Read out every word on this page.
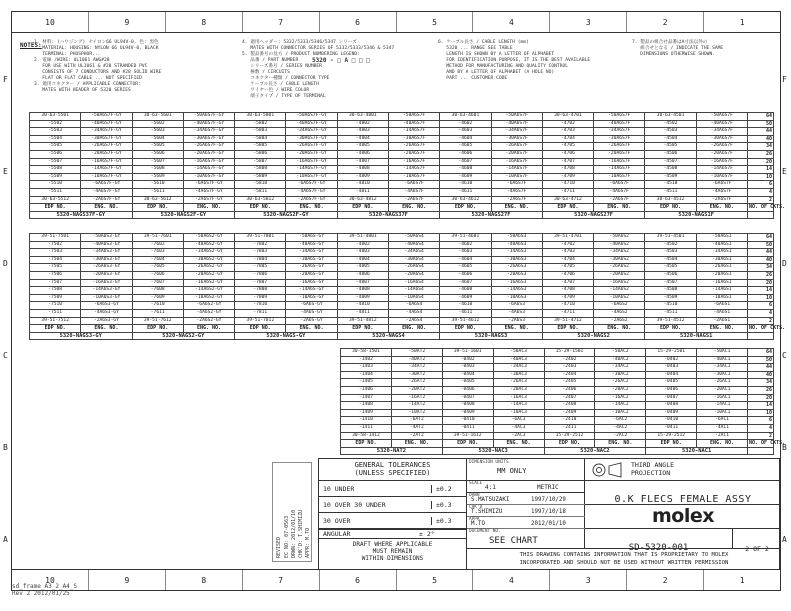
10	9	8	7	6	5	4	3	2	1
10	9	8	7	6	5	4	3	2	1
F	F
E	E
D	D
C	C
B	B
A	A
NOTES:
1. 材料: (ハウジング) ナイロン66 UL94V-0, 色: 黒色
MATERIAL: HOUSING: NYLON 66 UL94V-0, BLACK
TERMINAL: PHOSPHOR...
2. 電線 /WIRE: UL1061 AWG#28
FOR USE WITH UL1061 & #28 STRANDED PVC
CONSISTS OF 7 CONDUCTORS AND #28 SOLID WIRE
FLAT OR FLAT CABLE ... NOT SPECIFIED
3. 適用コネクター / APPLICABLE CONNECTOR:
MATES WITH HEADER OF 5320 SERIES
4. 適用ヘッダー: 5332/5333/5346/5347 シリーズ
MATES WITH CONNECTOR SERIES OF 5332/5333/5346 & 5347
5. 製品番号の見方 / PRODUCT NUMBERING LEGEND:
品番 / PART NUMBER
シリーズ番号 / SERIES NUMBER
極数 / CIRCUITS
コネクター種類 / CONNECTOR TYPE
ケーブル長さ / CABLE LENGTH
ワイヤー色 / WIRE COLOR
端子タイプ / TYPE OF TERMINAL
5320 - □ A □ □ □
6. ケーブル長さ / CABLE LENGTH (mm)
5320 ... RANGE SEE TABLE
LENGTH IS SHOWN BY A LETTER OF ALPHABET
FOR IDENTIFICATION PURPOSE, IT IS THE BEST AVAILABLE
METHOD FOR MANUFACTURING AND QUALITY CONTROL
AND BY A LETTER OF ALPHABET (A HOLE NO)
PART ... CUSTOMER CODE
7. 製品の組合せ品番はA寸法以外の
組合せとなる / INDICATE THE SAME
DIMENSIONS OTHERWISE SHOWN.
30-63-5501	-50A6S7F-GY	30-63-5601	-50A6S7F-GY	30-63-5801	-50A6S7F-GY	30-63-4801	-50A6S7F	30-63-4601	-50A6S7F	30-63-4701	-50A6S7F	30-63-4501	-50A6S7F	64
-5502	-40A6S7F-GY	-5602	-40A6S7F-GY	-5802	-40A6S7F-GY	-4802	-40A6S7F	-4602	-40A6S7F	-4702	-40A6S7F	-4502	-40A6S7F	50
-5503	-34A6S7F-GY	-5603	-34A6S7F-GY	-5803	-34A6S7F-GY	-4803	-34A6S7F	-4603	-34A6S7F	-4703	-34A6S7F	-4503	-34A6S7F	44
-5504	-30A6S7F-GY	-5604	-30A6S7F-GY	-5804	-30A6S7F-GY	-4804	-30A6S7F	-4604	-30A6S7F	-4704	-30A6S7F	-4504	-30A6S7F	40
-5505	-26A6S7F-GY	-5605	-26A6S7F-GY	-5805	-26A6S7F-GY	-4805	-26A6S7F	-4605	-26A6S7F	-4705	-26A6S7F	-4505	-26A6S7F	34
-5506	-20A6S7F-GY	-5606	-20A6S7F-GY	-5806	-20A6S7F-GY	-4806	-20A6S7F	-4606	-20A6S7F	-4706	-20A6S7F	-4506	-20A6S7F	26
-5507	-16A6S7F-GY	-5607	-16A6S7F-GY	-5807	-16A6S7F-GY	-4807	-16A6S7F	-4607	-16A6S7F	-4707	-16A6S7F	-4507	-16A6S7F	20
-5508	-14A6S7F-GY	-5608	-14A6S7F-GY	-5808	-14A6S7F-GY	-4808	-14A6S7F	-4608	-14A6S7F	-4708	-14A6S7F	-4508	-14A6S7F	14
-5509	-10A6S7F-GY	-5609	-10A6S7F-GY	-5809	-10A6S7F-GY	-4809	-10A6S7F	-4609	-10A6S7F	-4709	-10A6S7F	-4509	-10A6S7F	10
-5510	-6A6S7F-GY	-5610	-6A6S7F-GY	-5810	-6A6S7F-GY	-4810	-6A6S7F	-4610	-6A6S7F	-4710	-6A6S7F	-4510	-6A6S7F	6
-5511	-4A6S7F-GY	-5611	-4A6S7F-GY	-5811	-4A6S7F-GY	-4811	-4A6S7F	-4611	-4A6S7F	-4711	-4A6S7F	-4511	-4A6S7F	4
30-63-5512	-2A6S7F-GY	30-63-5612	-2A6S7F-GY	30-63-5812	-2A6S7F-GY	30-63-4812	-2A6S7F	30-63-4612	-2A6S7F	30-63-4712	-2A6S7F	30-63-4512	-2A6S7F	2
EDP NO.	ENG. NO.	EDP NO.	ENG. NO.	EDP NO.	ENG. NO.	EDP NO.	ENG. NO.	EDP NO.	ENG. NO.	EDP NO.	ENG. NO.	EDP NO.	ENG. NO.	NO. OF CKTS.
5320-NAGS37F-GY		5320-NAGS2F-GY		5320-NAGS2F-GY		5320-NAGS37F		5320-NAGS27F		5320-NAGS27F		5320-NAGS1F		
39-51-7501	-50A6S3-GY	39-51-7601	-50A6S2-GY	39-51-7801	-50A6S-GY	39-51-4801	-50A6S4	39-51-4601	-50A6S3	39-51-4701	-50A6S2	39-51-4501	-50A6S1	64
-7502	-40A6S3-GY	-7602	-40A6S2-GY	-7802	-40A6S-GY	-4802	-40A6S4	-4602	-40A6S3	-4702	-40A6S2	-4502	-40A6S1	50
-7503	-34A6S3-GY	-7603	-34A6S2-GY	-7803	-34A6S-GY	-4803	-34A6S4	-4603	-34A6S3	-4703	-34A6S2	-4503	-34A6S1	44
-7504	-30A6S3-GY	-7604	-30A6S2-GY	-7804	-30A6S-GY	-4804	-30A6S4	-4604	-30A6S3	-4704	-30A6S2	-4504	-30A6S1	40
-7505	-26A6S3-GY	-7605	-26A6S2-GY	-7805	-26A6S-GY	-4805	-26A6S4	-4605	-26A6S3	-4705	-26A6S2	-4505	-26A6S1	34
-7506	-20A6S3-GY	-7606	-20A6S2-GY	-7806	-20A6S-GY	-4806	-20A6S4	-4606	-20A6S3	-4706	-20A6S2	-4506	-20A6S1	26
-7507	-16A6S3-GY	-7607	-16A6S2-GY	-7807	-16A6S-GY	-4807	-16A6S4	-4607	-16A6S3	-4707	-16A6S2	-4507	-16A6S1	20
-7508	-14A6S3-GY	-7608	-14A6S2-GY	-7808	-14A6S-GY	-4808	-14A6S4	-4608	-14A6S3	-4708	-14A6S2	-4508	-14A6S1	14
-7509	-10A6S3-GY	-7609	-10A6S2-GY	-7809	-10A6S-GY	-4809	-10A6S4	-4609	-10A6S3	-4709	-10A6S2	-4509	-10A6S1	10
-7510	-6A6S3-GY	-7610	-6A6S2-GY	-7810	-6A6S-GY	-4810	-6A6S4	-4610	-6A6S3	-4710	-6A6S2	-4510	-6A6S1	6
-7511	-4A6S3-GY	-7611	-4A6S2-GY	-7811	-4A6S-GY	-4811	-4A6S4	-4611	-4A6S3	-4711	-4A6S2	-4511	-4A6S1	4
39-51-7512	-2A6S3-GY	39-51-7612	-2A6S2-GY	39-51-7812	-2A6S-GY	39-51-4812	-2A6S4	39-51-4612	-2A6S3	39-51-4712	-2A6S2	39-51-4512	-2A6S1	2
EDP NO.	ENG. NO.	EDP NO.	ENG. NO.	EDP NO.	ENG. NO.	EDP NO.	ENG. NO.	EDP NO.	ENG. NO.	EDP NO.	ENG. NO.	EDP NO.	ENG. NO.	NO. OF CKTS.
5320-NAGS3-GY		5320-NAGS2-GY		5320-NAGS-GY		5320-NAGS4		5320-NAGS3		5320-NAGS2		5320-NAGS1		
30-58-1501	-50AT2	39-51-1601	-50AC3	15-29-1501	-50AC2	15-29-2501	-50AC1	64
-1402	-40AT2	-0402	-40AC3	-2402	-40AC2	-0402	-40AC1	50
-1403	-34AT2	-0403	-34AC3	-2403	-34AC2	-0403	-34AC1	44
-1404	-30AT2	-0404	-30AC3	-2404	-30AC2	-0404	-30AC1	40
-1405	-26AT2	-0405	-26AC3	-2405	-26AC2	-0405	-26AC1	34
-1406	-20AT2	-0406	-20AC3	-2406	-20AC2	-0406	-20AC1	26
-1407	-16AT2	-0407	-16AC3	-2407	-16AC2	-0407	-16AC1	20
-1408	-14AT2	-0408	-14AC3	-2408	-14AC2	-0408	-14AC1	14
-1409	-10AT2	-0409	-10AC3	-2409	-10AC2	-0409	-10AC1	10
-1410	-6AT2	-0410	-6AC3	-2410	-6AC2	-0410	-6AC1	6
-1411	-4AT2	-0411	-4AC3	-2411	-4AC2	-0411	-4AC1	4
30-58-1412	-2AT2	39-51-1612	-2AC3	15-29-2512	-2AC2	15-29-2512	-2AC1	2
EDP NO.	ENG. NO.	EDP NO.	ENG. NO.	EDP NO.	ENG. NO.	EDP NO.	ENG. NO.	NO. OF CKTS.
5320-NAT2		5320-NAC3		5320-NAC2		5320-NAC1		
REVISED EC NO: 07-0563 DRWN: 2012/01/10 CHK'D: T.SHIMIZU APPR: M.TO
GENERAL TOLERANCES
(UNLESS SPECIFIED)
10 UNDER	±0.2
10 OVER 30 UNDER	±0.3
30 OVER	±0.3
ANGULAR	± 2°
DRAFT WHERE APPLICABLE
MUST REMAIN
WITHIN DIMENSIONS
DIMENSION UNITS
MM ONLY
SCALE
4:1	METRIC
DRWN
S.MATSUZAKI	1997/10/29
CHK'D
T.SHIMIZU	1997/10/18
APPR
M.TO	2012/01/10
DOCUMENT NO.
SEE CHART
THIRD ANGLE
PROJECTION
$_{0.K FLECS FEMALE ASSY}$
molex
$_{SD-5320-001}$	$_{2 OF 2}$
THIS DRAWING CONTAINS INFORMATION THAT IS PROPRIETARY TO MOLEX
INCORPORATED AND SHOULD NOT BE USED WITHOUT WRITTEN PERMISSION
sd_frame_A3_2_A4_S
Rev 2 2012/01/25
